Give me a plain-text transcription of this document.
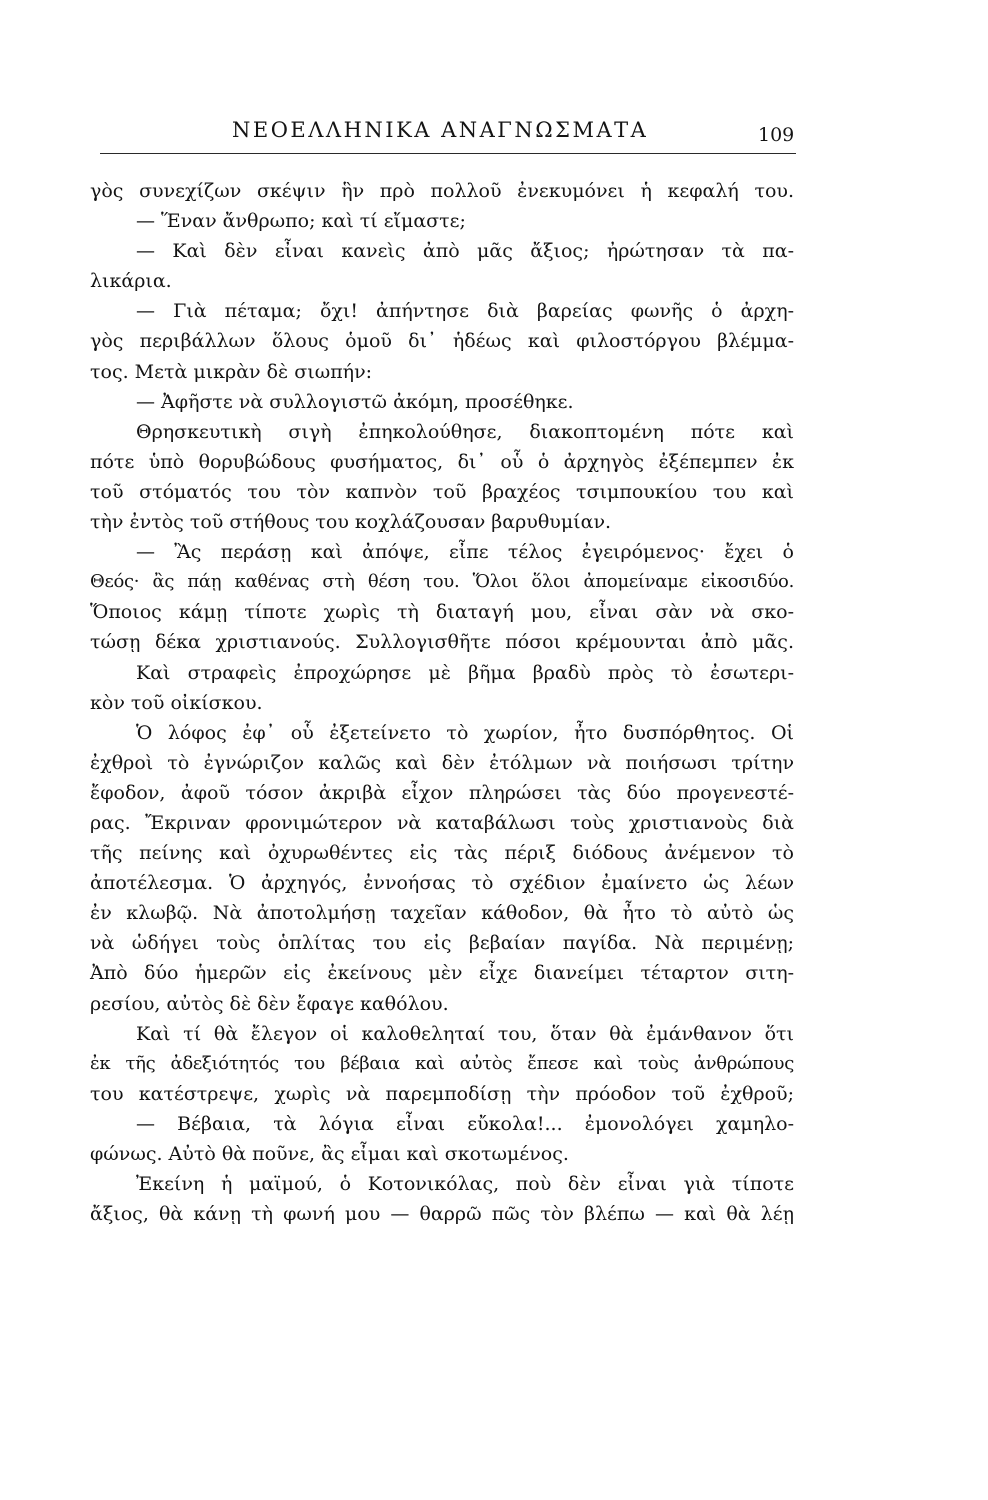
ΝΕΟΕΛΛΗΝΙΚΑ ΑΝΑΓΝΩΣΜΑΤΑ	109
γὸς συνεχίζων σκέψιν ἣν πρὸ πολλοῦ ἐνεκυμόνει ἡ κεφαλή του.
— Ἕναν ἄνθρωπο; καὶ τί εἴμαστε;
— Καὶ δὲν εἶναι κανεὶς ἀπὸ μᾶς ἄξιος; ἠρώτησαν τὰ πα-
λικάρια.
— Γιὰ πέταμα; ὄχι! ἀπήντησε διὰ βαρείας φωνῆς ὁ ἀρχη-
γὸς περιβάλλων ὅλους ὁμοῦ δι᾽ ἡδέως καὶ φιλοστόργου βλέμμα-
τος. Μετὰ μικρὰν δὲ σιωπήν:
— Ἀφῆστε νὰ συλλογιστῶ ἀκόμη, προσέθηκε.
Θρησκευτικὴ σιγὴ ἐπηκολούθησε, διακοπτομένη πότε καὶ
πότε ὑπὸ θορυβώδους φυσήματος, δι᾽ οὗ ὁ ἀρχηγὸς ἐξέπεμπεν ἐκ
τοῦ στόματός του τὸν καπνὸν τοῦ βραχέος τσιμπουκίου του καὶ
τὴν ἐντὸς τοῦ στήθους του κοχλάζουσαν βαρυθυμίαν.
— Ἂς περάσῃ καὶ ἀπόψε, εἶπε τέλος ἐγειρόμενος· ἔχει ὁ
Θεός· ἂς πάῃ καθένας στὴ θέση του. Ὅλοι ὅλοι ἀπομείναμε εἰκοσιδύο.
Ὅποιος κάμῃ τίποτε χωρὶς τὴ διαταγή μου, εἶναι σὰν νὰ σκο-
τώσῃ δέκα χριστιανούς. Συλλογισθῆτε πόσοι κρέμουνται ἀπὸ μᾶς.
Καὶ στραφεὶς ἐπροχώρησε μὲ βῆμα βραδὺ πρὸς τὸ ἐσωτερι-
κὸν τοῦ οἰκίσκου.
Ὁ λόφος ἐφ᾽ οὗ ἐξετείνετο τὸ χωρίον, ἦτο δυσπόρθητος. Οἱ
ἐχθροὶ τὸ ἐγνώριζον καλῶς καὶ δὲν ἐτόλμων νὰ ποιήσωσι τρίτην
ἔφοδον, ἀφοῦ τόσον ἀκριβὰ εἶχον πληρώσει τὰς δύο προγενεστέ-
ρας. Ἔκριναν φρονιμώτερον νὰ καταβάλωσι τοὺς χριστιανοὺς διὰ
τῆς πείνης καὶ ὀχυρωθέντες εἰς τὰς πέριξ διόδους ἀνέμενον τὸ
ἀποτέλεσμα. Ὁ ἀρχηγός, ἐννοήσας τὸ σχέδιον ἐμαίνετο ὡς λέων
ἐν κλωβῷ. Νὰ ἀποτολμήσῃ ταχεῖαν κάθοδον, θὰ ἦτο τὸ αὐτὸ ὡς
νὰ ὡδήγει τοὺς ὁπλίτας του εἰς βεβαίαν παγίδα. Νὰ περιμένῃ;
Ἀπὸ δύο ἡμερῶν εἰς ἐκείνους μὲν εἶχε διανείμει τέταρτον σιτη-
ρεσίου, αὐτὸς δὲ δὲν ἔφαγε καθόλου.
Καὶ τί θὰ ἔλεγον οἱ καλοθεληταί του, ὅταν θὰ ἐμάνθανον ὅτι
ἐκ τῆς ἀδεξιότητός του βέβαια καὶ αὐτὸς ἔπεσε καὶ τοὺς ἀνθρώπους
του κατέστρεψε, χωρὶς νὰ παρεμποδίσῃ τὴν πρόοδον τοῦ ἐχθροῦ;
— Βέβαια, τὰ λόγια εἶναι εὔκολα!... ἐμονολόγει χαμηλο-
φώνως. Αὐτὸ θὰ ποῦνε, ἂς εἶμαι καὶ σκοτωμένος.
Ἐκείνη ἡ μαϊμού, ὁ Κοτονικόλας, ποὺ δὲν εἶναι γιὰ τίποτε
ἄξιος, θὰ κάνῃ τὴ φωνή μου — θαρρῶ πῶς τὸν βλέπω — καὶ θὰ λέῃ
